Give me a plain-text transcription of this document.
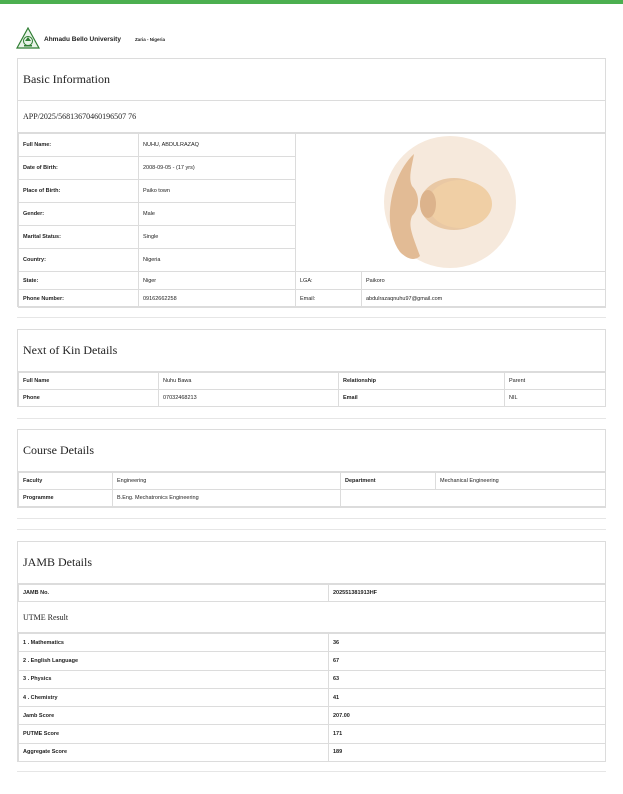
Ahmadu Bello University	Zaria - Nigeria
Basic Information
APP/2025/56813670460196507 76
Full Name:	NUHU, ABDULRAZAQ	

Date of Birth:	2008-09-05 - (17 yrs)		
Place of Birth:	Paiko town		
Gender:	Male		
Marital Status:	Single		
Country:	Nigeria		
State:	Niger	LGA:	Paikoro
Phone Number:	09162662258	Email:	abdulrazaqnuhu97@gmail.com
Next of Kin Details
Full Name	Nuhu Bawa	Relationship	Parent
Phone	07032468213	Email	NIL
Course Details
Faculty	Engineering	Department	Mechanical Engineering
Programme	B.Eng. Mechatronics Engineering		
JAMB Details
JAMB No.	202551381913HF
UTME Result
1 . Mathematics	36
2 . English Language	67
3 . Physics	63
4 . Chemistry	41
Jamb Score	207.00
PUTME Score	171
Aggregate Score	189
